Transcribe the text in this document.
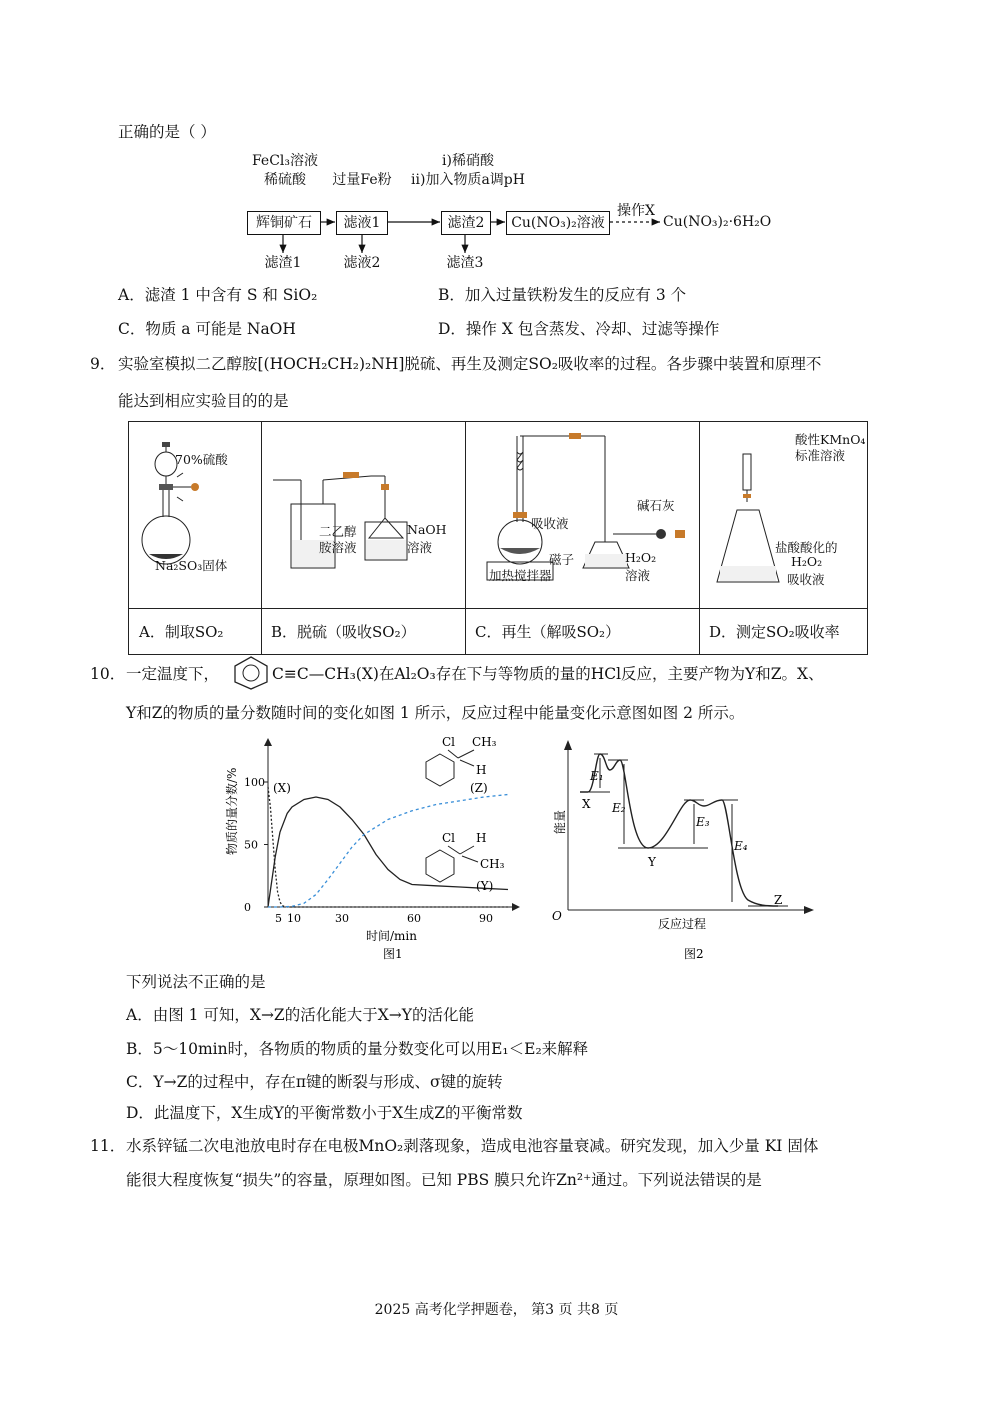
正确的是（ ）
FeCl₃溶液
稀硫酸	过量Fe粉
i)稀硝酸
ii)加入物质a调pH
辉铜矿石	滤液1	滤渣2	Cu(NO₃)₂溶液
操作X
Cu(NO₃)₂·6H₂O
滤渣1	滤液2	滤渣3
A．滤渣 1 中含有 S 和 SiO₂	B．加入过量铁粉发生的反应有 3 个
C．物质 a 可能是 NaOH	D．操作 X 包含蒸发、冷却、过滤等操作
9． 实验室模拟二乙醇胺[(HOCH₂CH₂)₂NH]脱硫、再生及测定SO₂吸收率的过程。各步骤中装置和原理不
能达到相应实验目的的是
70%硫酸
Na₂SO₃固体
A．制取SO₂
二乙醇
胺溶液
NaOH
溶液
B．脱硫（吸收SO₂）
吸收液
磁子
加热搅拌器
碱石灰
H₂O₂
溶液
C．再生（解吸SO₂）
酸性KMnO₄
标准溶液
盐酸酸化的
H₂O₂
吸收液
D．测定SO₂吸收率
10． 一定温度下，	C≡C—CH₃(X)在Al₂O₃存在下与等物质的量的HCl反应，主要产物为Y和Z。X、
Y和Z的物质的量分数随时间的变化如图 1 所示，反应过程中能量变化示意图如图 2 所示。
5 10	30	60	90
0
50
100
物质的量分数/%
时间/min
图1
(X)	(Z)
(Y)
Cl CH₃
H
Cl H
CH₃
O
能量
反应过程
图2
X
Y
Z
E₁
E₂
E₃
E₄
下列说法不正确的是
A．由图 1 可知，X→Z的活化能大于X→Y的活化能
B．5～10min时，各物质的物质的量分数变化可以用E₁＜E₂来解释
C．Y→Z的过程中，存在π键的断裂与形成、σ键的旋转
D．此温度下，X生成Y的平衡常数小于X生成Z的平衡常数
11． 水系锌锰二次电池放电时存在电极MnO₂剥落现象，造成电池容量衰减。研究发现，加入少量 KI 固体
能很大程度恢复“损失”的容量，原理如图。已知 PBS 膜只允许Zn²⁺通过。下列说法错误的是
2025 高考化学押题卷， 第3 页 共8 页
